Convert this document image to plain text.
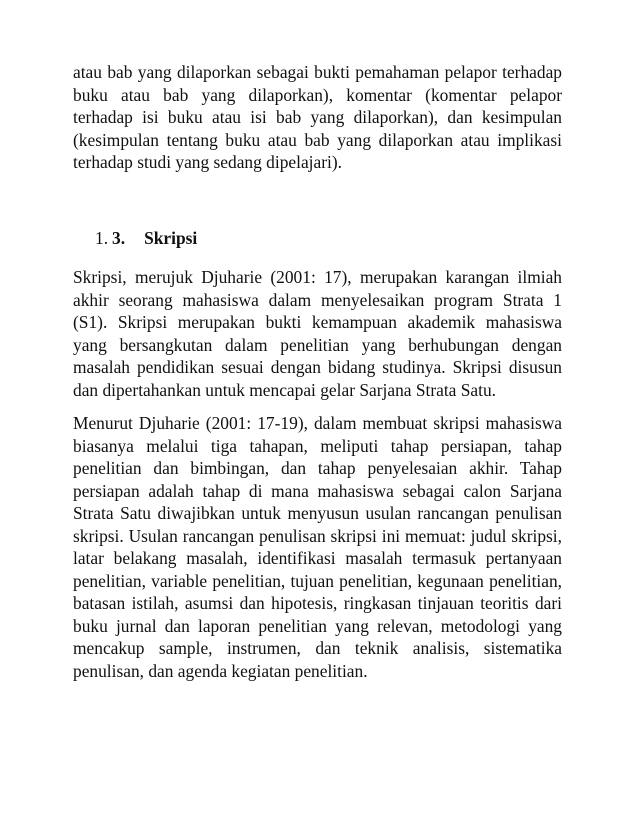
atau bab yang dilaporkan sebagai bukti pemahaman pelapor terhadap buku atau bab yang dilaporkan), komentar (komentar pelapor terhadap isi buku atau isi bab yang dilaporkan), dan kesimpulan (kesimpulan tentang buku atau bab yang dilaporkan atau implikasi terhadap studi yang sedang dipelajari).

1. 3. Skripsi

Skripsi, merujuk Djuharie (2001: 17), merupakan karangan ilmiah akhir seorang mahasiswa dalam menyelesaikan program Strata 1 (S1). Skripsi merupakan bukti kemampuan akademik mahasiswa yang bersangkutan dalam penelitian yang berhubungan dengan masalah pendidikan sesuai dengan bidang studinya. Skripsi disusun dan dipertahankan untuk mencapai gelar Sarjana Strata Satu.

Menurut Djuharie (2001: 17-19), dalam membuat skripsi mahasiswa biasanya melalui tiga tahapan, meliputi tahap persiapan, tahap penelitian dan bimbingan, dan tahap penyelesaian akhir. Tahap persiapan adalah tahap di mana mahasiswa sebagai calon Sarjana Strata Satu diwajibkan untuk menyusun usulan rancangan penulisan skripsi. Usulan rancangan penulisan skripsi ini memuat: judul skripsi, latar belakang masalah, identifikasi masalah termasuk pertanyaan penelitian, variable penelitian, tujuan penelitian, kegunaan penelitian, batasan istilah, asumsi dan hipotesis, ringkasan tinjauan teoritis dari buku jurnal dan laporan penelitian yang relevan, metodologi yang mencakup sample, instrumen, dan teknik analisis, sistematika penulisan, dan agenda kegiatan penelitian.
